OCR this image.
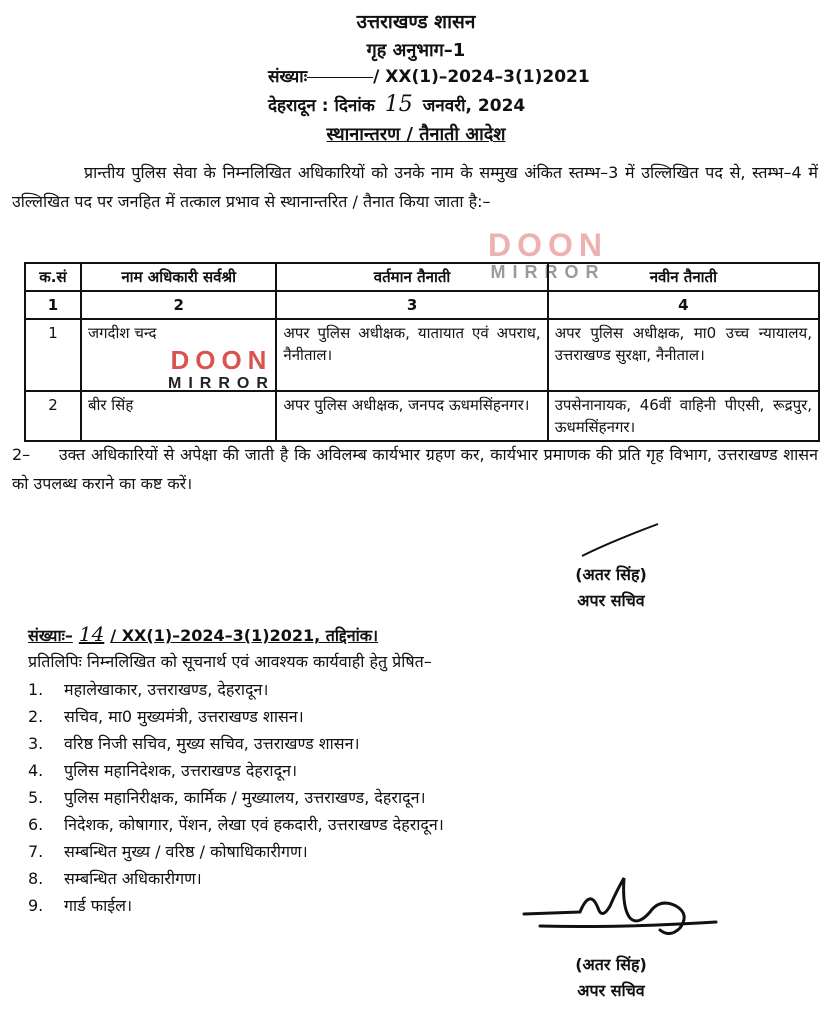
उत्तराखण्ड शासन
गृह अनुभाग–1
संख्याः	/ XX(1)–2024–3(1)2021
देहरादून : दिनांक 15 जनवरी, 2024
स्थानान्तरण / तैनाती आदेश
प्रान्तीय पुलिस सेवा के निम्नलिखित अधिकारियों को उनके नाम के सम्मुख अंकित स्तम्भ–3 में उल्लिखित पद से, स्तम्भ–4 में उल्लिखित पद पर जनहित में तत्काल प्रभाव से स्थानान्तरित / तैनात किया जाता है:–
DOON
MIRROR
क.सं	नाम अधिकारी सर्वश्री	वर्तमान तैनाती	नवीन तैनाती
1	2	3	4
1	जगदीश चन्द	अपर पुलिस अधीक्षक, यातायात एवं अपराध, नैनीताल।	अपर पुलिस अधीक्षक, मा0 उच्च न्यायालय, उत्तराखण्ड सुरक्षा, नैनीताल।
2	बीर सिंह	अपर पुलिस अधीक्षक, जनपद ऊधमसिंहनगर।	उपसेनानायक, 46वीं वाहिनी पीएसी, रूद्रपुर, ऊधमसिंहनगर।
DOON
MIRROR
2–     उक्त अधिकारियों से अपेक्षा की जाती है कि अविलम्ब कार्यभार ग्रहण कर, कार्यभार प्रमाणक की प्रति गृह विभाग, उत्तराखण्ड शासन को उपलब्ध कराने का कष्ट करें।
(अतर सिंह)
अपर सचिव
संख्याः– 14 / XX(1)–2024–3(1)2021, तद्दिनांक।
प्रतिलिपिः निम्नलिखित को सूचनार्थ एवं आवश्यक कार्यवाही हेतु प्रेषित–
1. महालेखाकार, उत्तराखण्ड, देहरादून।
2. सचिव, मा0 मुख्यमंत्री, उत्तराखण्ड शासन।
3. वरिष्ठ निजी सचिव, मुख्य सचिव, उत्तराखण्ड शासन।
4. पुलिस महानिदेशक, उत्तराखण्ड देहरादून।
5. पुलिस महानिरीक्षक, कार्मिक / मुख्यालय, उत्तराखण्ड, देहरादून।
6. निदेशक, कोषागार, पेंशन, लेखा एवं हकदारी, उत्तराखण्ड देहरादून।
7. सम्बन्धित मुख्य / वरिष्ठ / कोषाधिकारीगण।
8. सम्बन्धित अधिकारीगण।
9. गार्ड फाईल।
(अतर सिंह)
अपर सचिव
